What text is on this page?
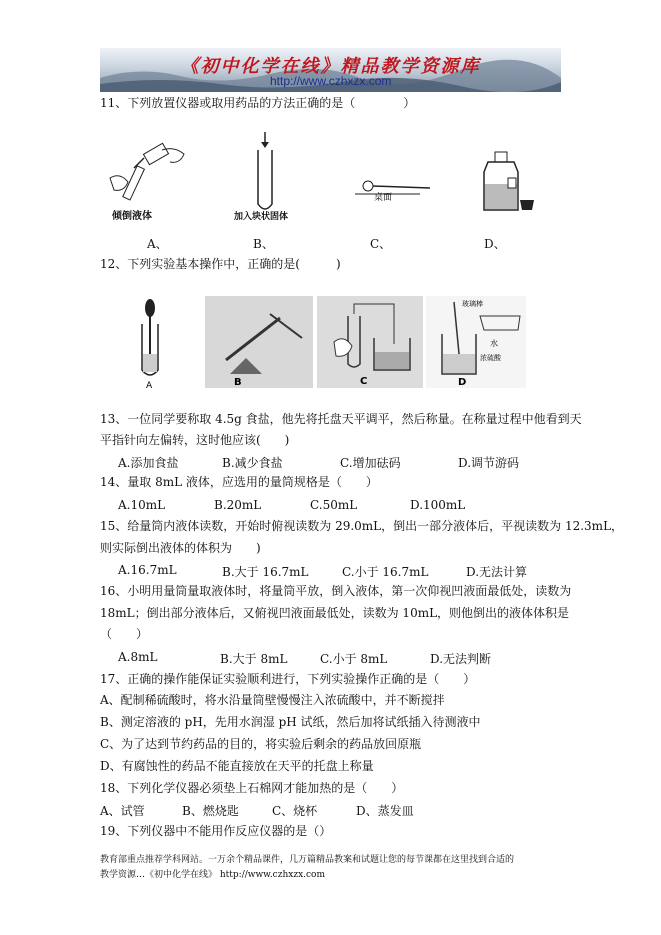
《初中化学在线》精品教学资源库
http://www.czhxzx.com
11、下列放置仪器或取用药品的方法正确的是（　　　　）
倾倒液体	加入块状固体
桌面
A、	B、	C、	D、
12、下列实验基本操作中，正确的是(　　　)
A	B	C
水
浓硫酸
玻璃棒
D
13、一位同学要称取 4.5g 食盐，他先将托盘天平调平，然后称量。在称量过程中他看到天
平指针向左偏转，这时他应该(　　)
A.添加食盐	B.减少食盐	C.增加砝码	D.调节游码
14、量取 8mL 液体，应选用的量筒规格是（　　）
A.10mL	B.20mL	C.50mL	D.100mL
15、给量筒内液体读数，开始时俯视读数为 29.0mL，倒出一部分液体后，平视读数为 12.3mL，
则实际倒出液体的体积为　　)
A.16.7mL	B.大于 16.7mL	C.小于 16.7mL	D.无法计算
16、小明用量筒量取液体时，将量筒平放，倒入液体，第一次仰视凹液面最低处，读数为
18mL；倒出部分液体后，又俯视凹液面最低处，读数为 10mL，则他倒出的液体体积是
（　　）
A.8mL	B.大于 8mL	C.小于 8mL	D.无法判断
17、正确的操作能保证实验顺利进行，下列实验操作正确的是（　　）
A、配制稀硫酸时，将水沿量筒壁慢慢注入浓硫酸中，并不断搅拌
B、测定溶液的 pH，先用水润湿 pH 试纸，然后加将试纸插入待测液中
C、为了达到节约药品的目的，将实验后剩余的药品放回原瓶
D、有腐蚀性的药品不能直接放在天平的托盘上称量
18、下列化学仪器必须垫上石棉网才能加热的是（　　）
A、试管	B、燃烧匙	C、烧杯	D、蒸发皿
19、下列仪器中不能用作反应仪器的是（）
教育部重点推荐学科网站。一万余个精品课件，几万篇精品教案和试题让您的每节课都在这里找到合适的
教学资源…《初中化学在线》 http://www.czhxzx.com
